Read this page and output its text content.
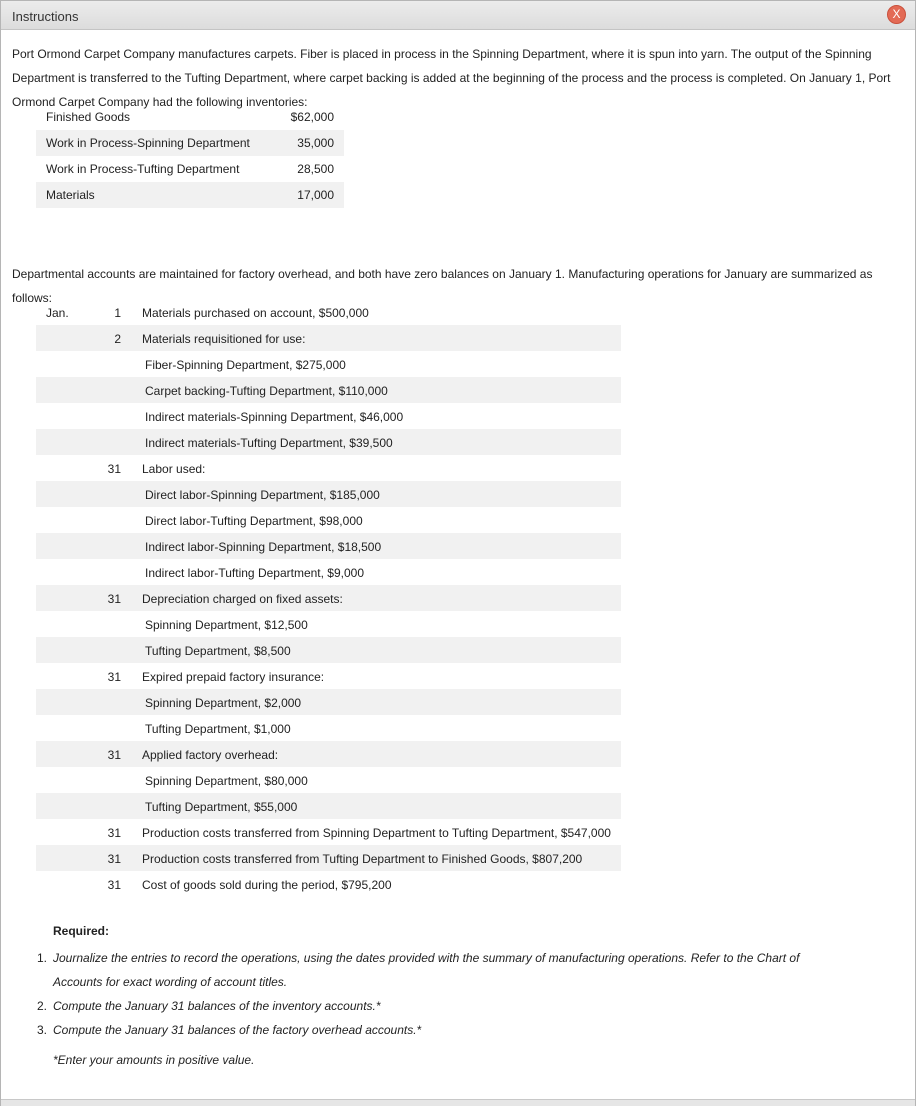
Instructions	X
Port Ormond Carpet Company manufactures carpets. Fiber is placed in process in the Spinning Department, where it is spun into yarn. The output of the Spinning Department is transferred to the Tufting Department, where carpet backing is added at the beginning of the process and the process is completed. On January 1, Port Ormond Carpet Company had the following inventories:
Finished Goods	$62,000
Work in Process-Spinning Department	35,000
Work in Process-Tufting Department	28,500
Materials	17,000
Departmental accounts are maintained for factory overhead, and both have zero balances on January 1. Manufacturing operations for January are summarized as follows:
Jan.	1 Materials purchased on account, $500,000
2 Materials requisitioned for use:
Fiber-Spinning Department, $275,000
Carpet backing-Tufting Department, $110,000
Indirect materials-Spinning Department, $46,000
Indirect materials-Tufting Department, $39,500
31 Labor used:
Direct labor-Spinning Department, $185,000
Direct labor-Tufting Department, $98,000
Indirect labor-Spinning Department, $18,500
Indirect labor-Tufting Department, $9,000
31 Depreciation charged on fixed assets:
Spinning Department, $12,500
Tufting Department, $8,500
31 Expired prepaid factory insurance:
Spinning Department, $2,000
Tufting Department, $1,000
31 Applied factory overhead:
Spinning Department, $80,000
Tufting Department, $55,000
31 Production costs transferred from Spinning Department to Tufting Department, $547,000
31 Production costs transferred from Tufting Department to Finished Goods, $807,200
31 Cost of goods sold during the period, $795,200
Required:
1. Journalize the entries to record the operations, using the dates provided with the summary of manufacturing operations. Refer to the Chart of Accounts for exact wording of account titles.
2. Compute the January 31 balances of the inventory accounts.*
3. Compute the January 31 balances of the factory overhead accounts.*
*Enter your amounts in positive value.
